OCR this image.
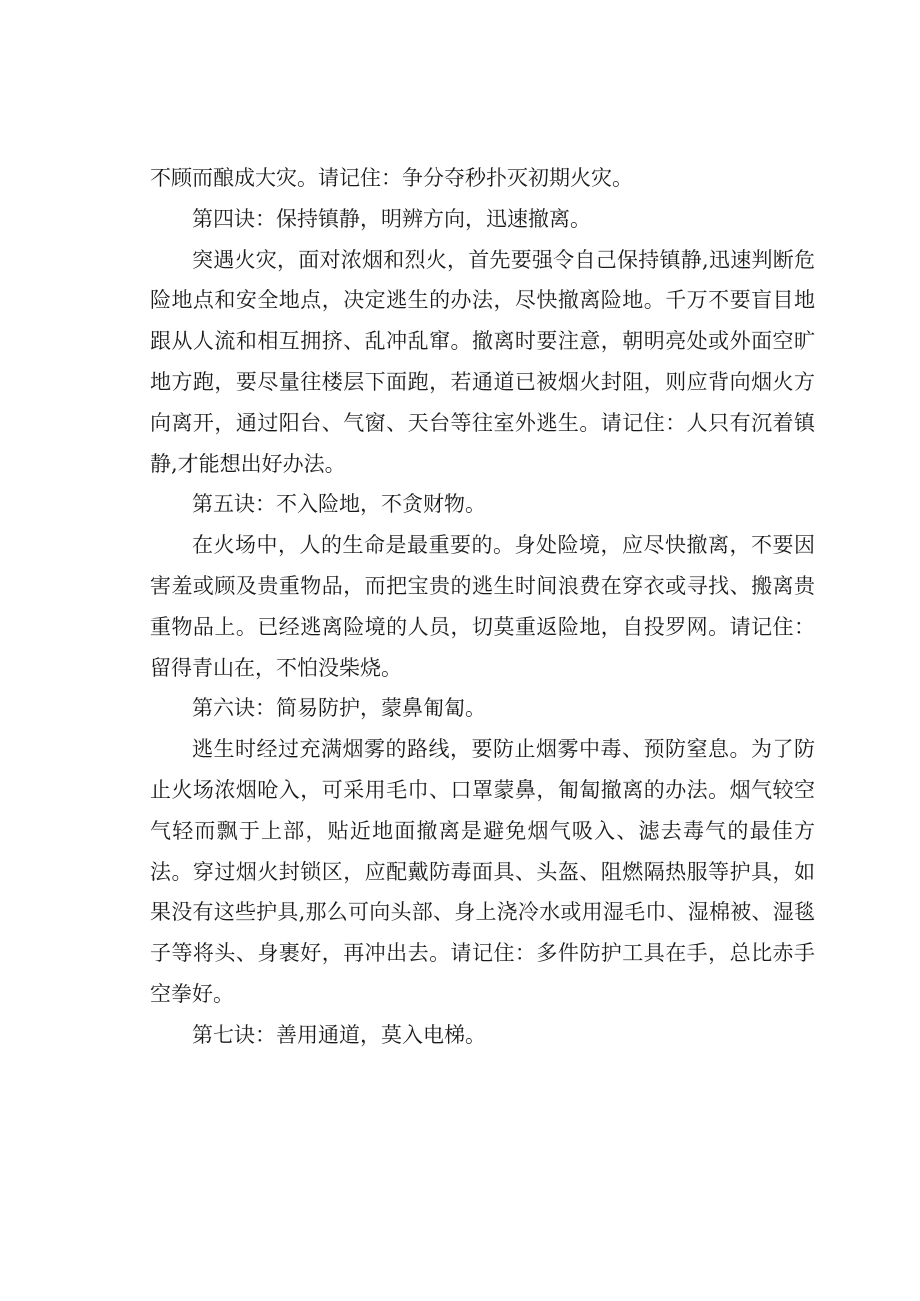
不顾而酿成大灾。请记住：争分夺秒扑灭初期火灾。

第四诀：保持镇静，明辨方向，迅速撤离。

突遇火灾，面对浓烟和烈火，首先要强令自己保持镇静,迅速判断危险地点和安全地点，决定逃生的办法，尽快撤离险地。千万不要盲目地跟从人流和相互拥挤、乱冲乱窜。撤离时要注意，朝明亮处或外面空旷地方跑，要尽量往楼层下面跑，若通道已被烟火封阻，则应背向烟火方向离开，通过阳台、气窗、天台等往室外逃生。请记住：人只有沉着镇静,才能想出好办法。

第五诀：不入险地，不贪财物。

在火场中，人的生命是最重要的。身处险境，应尽快撤离，不要因害羞或顾及贵重物品，而把宝贵的逃生时间浪费在穿衣或寻找、搬离贵重物品上。已经逃离险境的人员，切莫重返险地，自投罗网。请记住：留得青山在，不怕没柴烧。

第六诀：简易防护，蒙鼻匍匐。

逃生时经过充满烟雾的路线，要防止烟雾中毒、预防窒息。为了防止火场浓烟呛入，可采用毛巾、口罩蒙鼻，匍匐撤离的办法。烟气较空气轻而飘于上部，贴近地面撤离是避免烟气吸入、滤去毒气的最佳方法。穿过烟火封锁区，应配戴防毒面具、头盔、阻燃隔热服等护具，如果没有这些护具,那么可向头部、身上浇冷水或用湿毛巾、湿棉被、湿毯子等将头、身裹好，再冲出去。请记住：多件防护工具在手，总比赤手空拳好。

第七诀：善用通道，莫入电梯。
